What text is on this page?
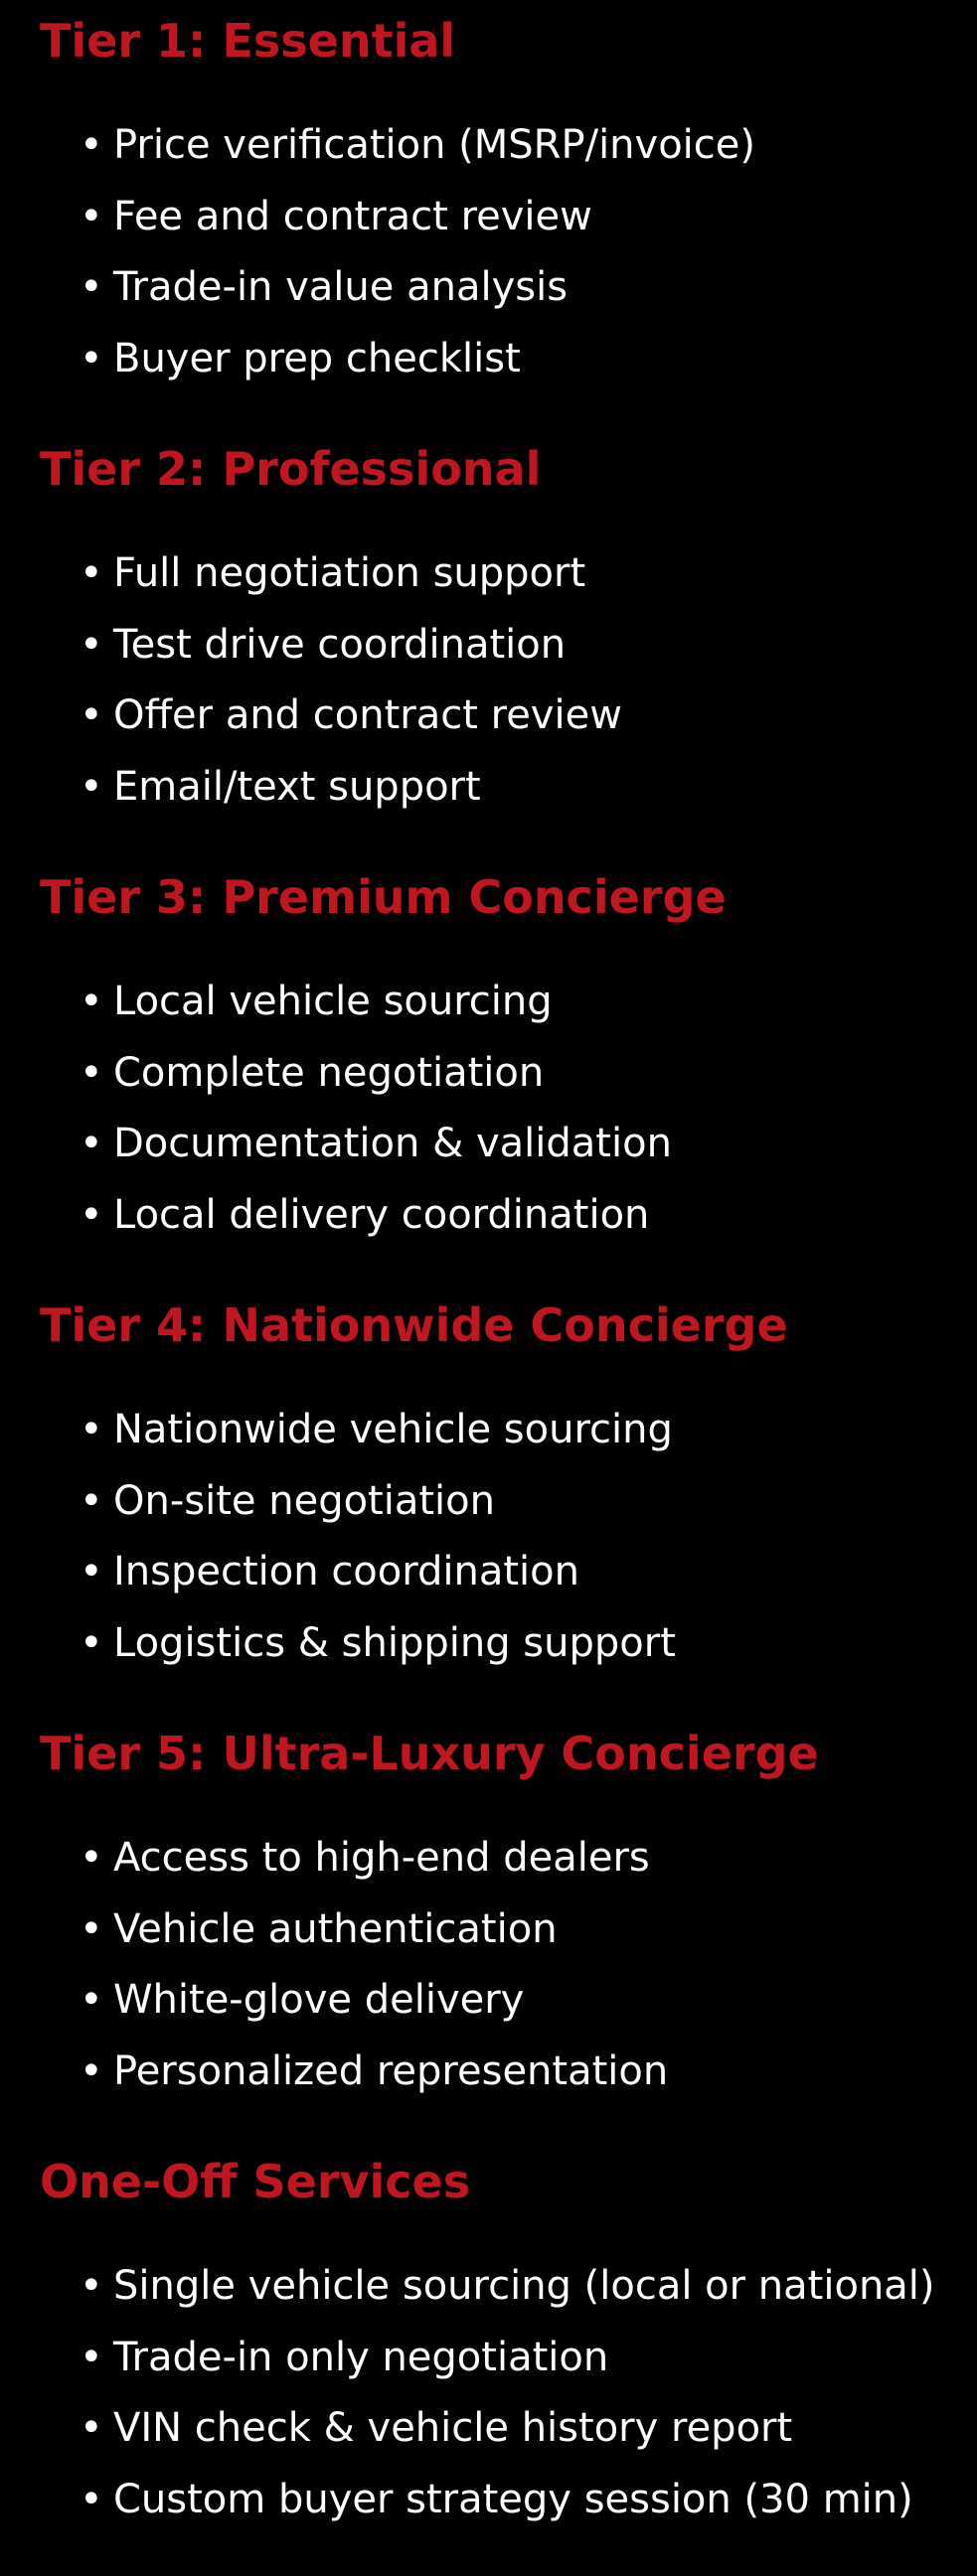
Tier 1: Essential
• Price verification (MSRP/invoice)
• Fee and contract review
• Trade-in value analysis
• Buyer prep checklist
Tier 2: Professional
• Full negotiation support
• Test drive coordination
• Offer and contract review
• Email/text support
Tier 3: Premium Concierge
• Local vehicle sourcing
• Complete negotiation
• Documentation & validation
• Local delivery coordination
Tier 4: Nationwide Concierge
• Nationwide vehicle sourcing
• On-site negotiation
• Inspection coordination
• Logistics & shipping support
Tier 5: Ultra-Luxury Concierge
• Access to high-end dealers
• Vehicle authentication
• White-glove delivery
• Personalized representation
One-Off Services
• Single vehicle sourcing (local or national)
• Trade-in only negotiation
• VIN check & vehicle history report
• Custom buyer strategy session (30 min)
